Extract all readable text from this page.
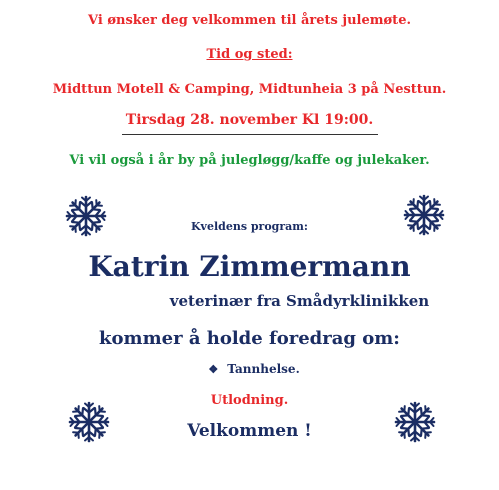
Vi ønsker deg velkommen til årets julemøte.

Tid og sted:

Midttun Motell & Camping, Midtunheia 3 på Nesttun.

Tirsdag 28. november Kl 19:00.

Vi vil også i år by på julegløgg/kaffe og julekaker.

Kveldens program:

Katrin Zimmermann

veterinær fra Smådyrklinikken

kommer å holde foredrag om:

❖ Tannhelse.

Utlodning.

Velkommen !
